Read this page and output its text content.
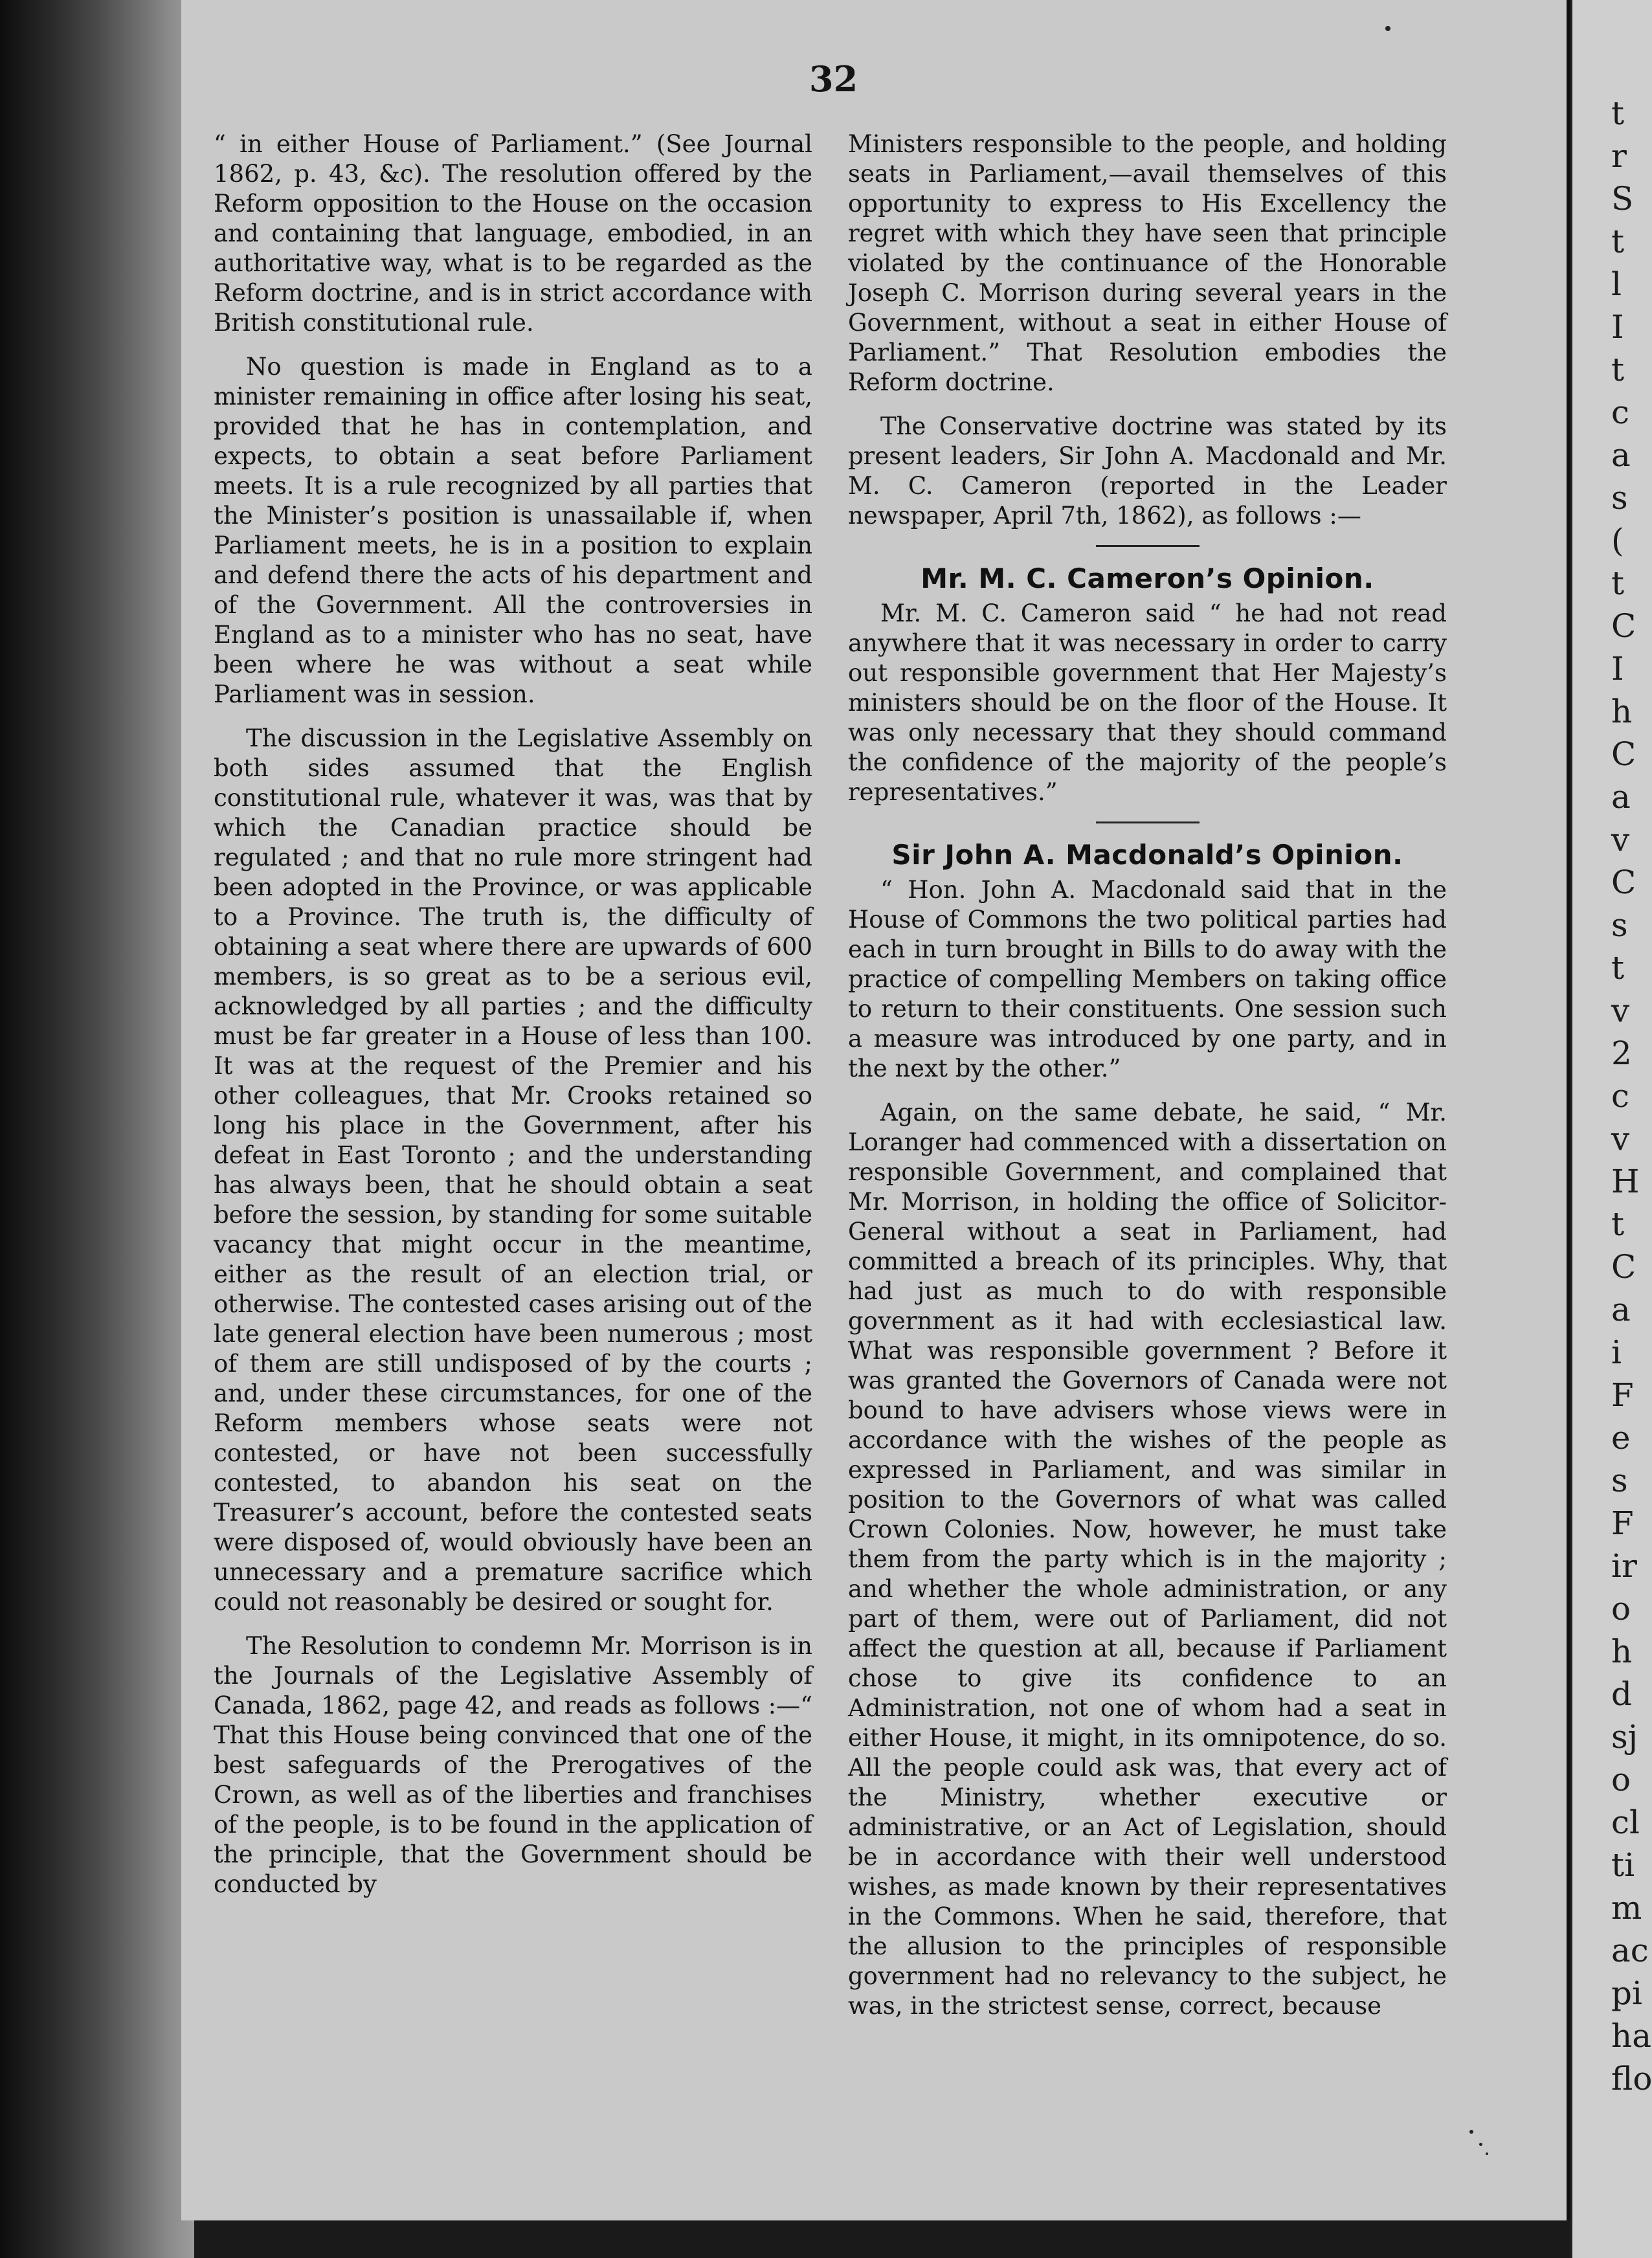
t
r
S
t
l
I
t
c
a
s
(
t
C
I
h
C
a
v
C
s
t
v
2
c
v
H
t
C
a
i
F
e
s
F
ir
o
h
d
sj
o
cl
ti
m
ac
pi
ha
flo
32

“ in either House of Parliament.” (See Journal 1862, p. 43, &c). The resolution offered by the Reform opposition to the House on the occasion and containing that language, embodied, in an authoritative way, what is to be regarded as the Reform doctrine, and is in strict accordance with British constitutional rule.

No question is made in England as to a minister remaining in office after losing his seat, provided that he has in contemplation, and expects, to obtain a seat before Parliament meets. It is a rule recognized by all parties that the Minister’s position is unassailable if, when Parliament meets, he is in a position to explain and defend there the acts of his department and of the Government. All the controversies in England as to a minister who has no seat, have been where he was without a seat while Parliament was in session.

The discussion in the Legislative Assembly on both sides assumed that the English constitutional rule, whatever it was, was that by which the Canadian practice should be regulated ; and that no rule more stringent had been adopted in the Province, or was applicable to a Province. The truth is, the difficulty of obtaining a seat where there are upwards of 600 members, is so great as to be a serious evil, acknowledged by all parties ; and the difficulty must be far greater in a House of less than 100. It was at the request of the Premier and his other colleagues, that Mr. Crooks retained so long his place in the Government, after his defeat in East Toronto ; and the understanding has always been, that he should obtain a seat before the session, by standing for some suitable vacancy that might occur in the meantime, either as the result of an election trial, or otherwise. The contested cases arising out of the late general election have been numerous ; most of them are still undisposed of by the courts ; and, under these circumstances, for one of the Reform members whose seats were not contested, or have not been successfully contested, to abandon his seat on the Treasurer’s account, before the contested seats were disposed of, would obviously have been an unnecessary and a premature sacrifice which could not reasonably be desired or sought for.

The Resolution to condemn Mr. Morrison is in the Journals of the Legislative Assembly of Canada, 1862, page 42, and reads as follows :—“ That this House being convinced that one of the best safeguards of the Prerogatives of the Crown, as well as of the liberties and franchises of the people, is to be found in the application of the principle, that the Government should be conducted by

Ministers responsible to the people, and holding seats in Parliament,—avail themselves of this opportunity to express to His Excellency the regret with which they have seen that principle violated by the continuance of the Honorable Joseph C. Morrison during several years in the Government, without a seat in either House of Parliament.” That Resolution embodies the Reform doctrine.

The Conservative doctrine was stated by its present leaders, Sir John A. Macdonald and Mr. M. C. Cameron (reported in the Leader newspaper, April 7th, 1862), as follows :—

Mr. M. C. Cameron’s Opinion.

Mr. M. C. Cameron said “ he had not read anywhere that it was necessary in order to carry out responsible government that Her Majesty’s ministers should be on the floor of the House. It was only necessary that they should command the confidence of the majority of the people’s representatives.”

Sir John A. Macdonald’s Opinion.

“ Hon. John A. Macdonald said that in the House of Commons the two political parties had each in turn brought in Bills to do away with the practice of compelling Members on taking office to return to their constituents. One session such a measure was introduced by one party, and in the next by the other.”

Again, on the same debate, he said, “ Mr. Loranger had commenced with a dissertation on responsible Government, and complained that Mr. Morrison, in holding the office of Solicitor-General without a seat in Parliament, had committed a breach of its principles. Why, that had just as much to do with responsible government as it had with ecclesiastical law. What was responsible government ? Before it was granted the Governors of Canada were not bound to have advisers whose views were in accordance with the wishes of the people as expressed in Parliament, and was similar in position to the Governors of what was called Crown Colonies. Now, however, he must take them from the party which is in the majority ; and whether the whole administration, or any part of them, were out of Parliament, did not affect the question at all, because if Parliament chose to give its confidence to an Administration, not one of whom had a seat in either House, it might, in its omnipotence, do so. All the people could ask was, that every act of the Ministry, whether executive or administrative, or an Act of Legislation, should be in accordance with their well understood wishes, as made known by their representatives in the Commons. When he said, therefore, that the allusion to the principles of responsible government had no relevancy to the subject, he was, in the strictest sense, correct, because
